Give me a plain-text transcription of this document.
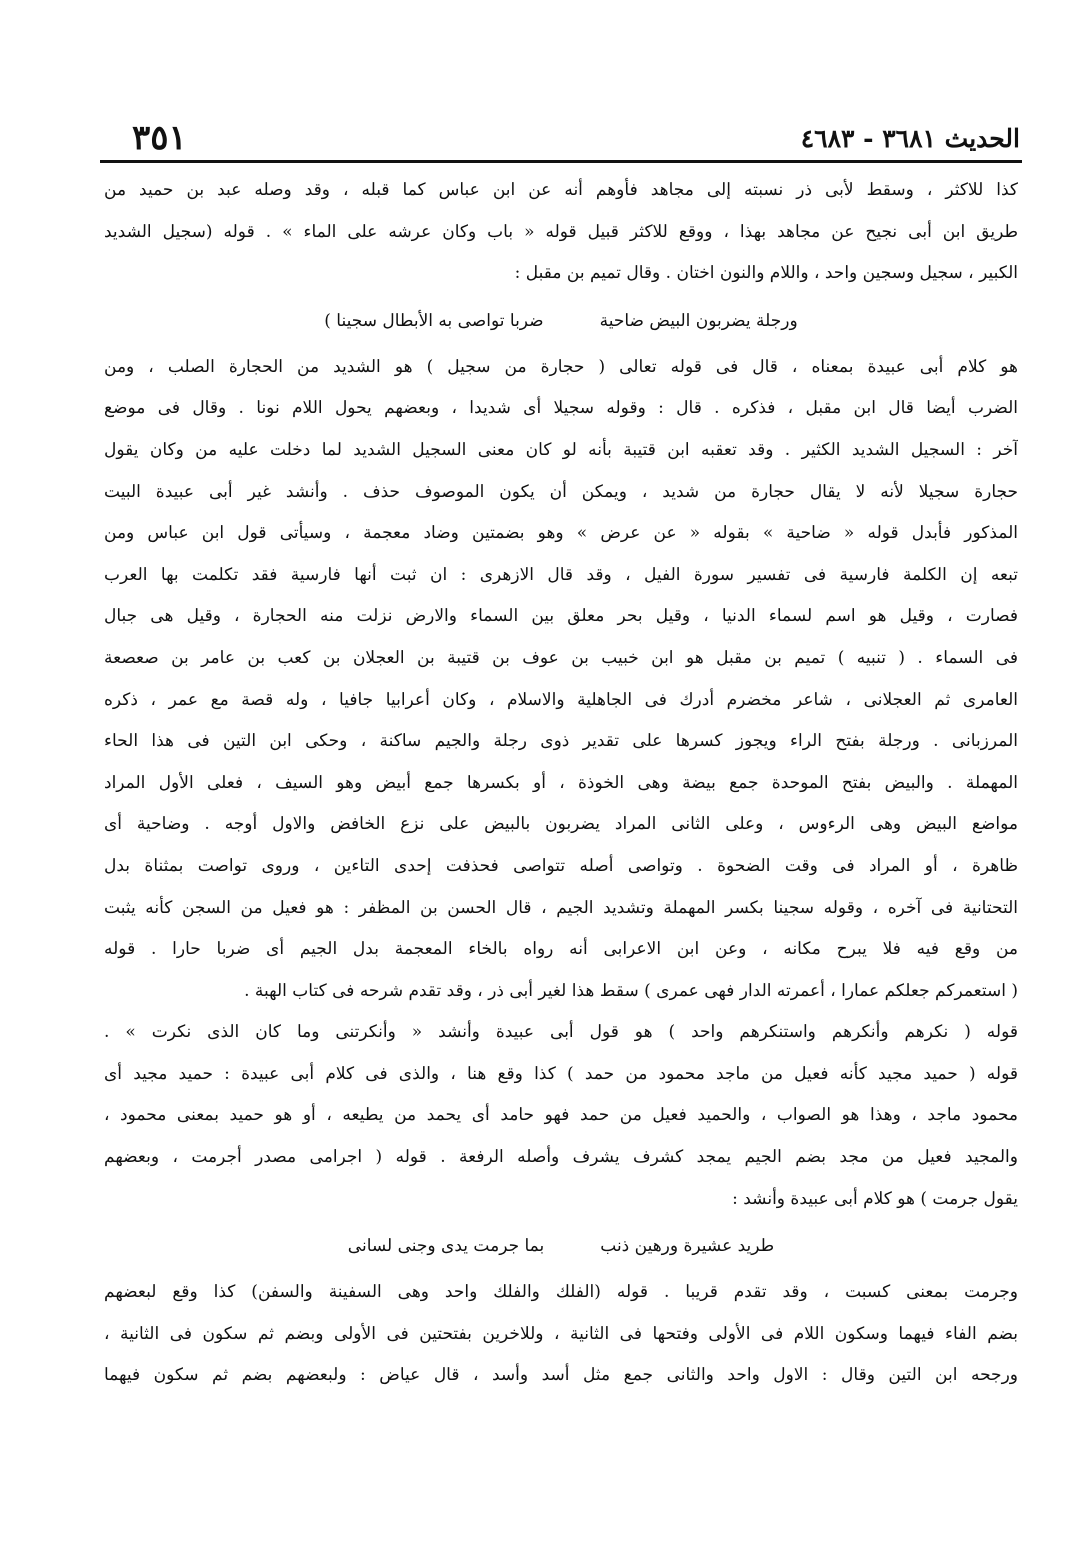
الحديث ٣٦٨١ - ٤٦٨٣
٣٥١
كذا للاكثر ، وسقط لأبى ذر نسبته إلى مجاهد فأوهم أنه عن ابن عباس كما قبله ، وقد وصله عبد بن حميد من
طريق ابن أبى نجيح عن مجاهد بهذا ، ووقع للاكثر قبيل قوله « باب وكان عرشه على الماء » . قوله (سجيل الشديد
الكبير ، سجيل وسجين واحد ، واللام والنون اختان . وقال تميم بن مقبل :
ورجلة يضربون البيض ضاحيةضربا تواصى به الأبطال سجينا )
هو كلام أبى عبيدة بمعناه ، قال فى قوله تعالى ( حجارة من سجيل ) هو الشديد من الحجارة الصلب ، ومن
الضرب أيضا قال ابن مقبل ، فذكره . قال : وقوله سجيلا أى شديدا ، وبعضهم يحول اللام نونا . وقال فى موضع
آخر : السجيل الشديد الكثير . وقد تعقبه ابن قتيبة بأنه لو كان معنى السجيل الشديد لما دخلت عليه من وكان يقول
حجارة سجيلا لأنه لا يقال حجارة من شديد ، ويمكن أن يكون الموصوف حذف . وأنشد غير أبى عبيدة البيت
المذكور فأبدل قوله « ضاحية » بقوله « عن عرض » وهو بضمتين وضاد معجمة ، وسيأتى قول ابن عباس ومن
تبعه إن الكلمة فارسية فى تفسير سورة الفيل ، وقد قال الازهرى : ان ثبت أنها فارسية فقد تكلمت بها العرب
فصارت ، وقيل هو اسم لسماء الدنيا ، وقيل بحر معلق بين السماء والارض نزلت منه الحجارة ، وقيل هى جبال
فى السماء . ( تنبيه ) تميم بن مقبل هو ابن خبيب بن عوف بن قتيبة بن العجلان بن كعب بن عامر بن صعصعة
العامرى ثم العجلانى ، شاعر مخضرم أدرك فى الجاهلية والاسلام ، وكان أعرابيا جافيا ، وله قصة مع عمر ، ذكره
المرزبانى . ورجلة بفتح الراء ويجوز كسرها على تقدير ذوى رجلة والجيم ساكنة ، وحكى ابن التين فى هذا الحاء
المهملة . والبيض بفتح الموحدة جمع بيضة وهى الخوذة ، أو بكسرها جمع أبيض وهو السيف ، فعلى الأول المراد
مواضع البيض وهى الرءوس ، وعلى الثانى المراد يضربون بالبيض على نزع الخافض والاول أوجه . وضاحية أى
ظاهرة ، أو المراد فى وقت الضحوة . وتواصى أصله تتواصى فحذفت إحدى التاءين ، وروى تواصت بمثناة بدل
التحتانية فى آخره ، وقوله سجينا بكسر المهملة وتشديد الجيم ، قال الحسن بن المظفر : هو فعيل من السجن كأنه يثبت
من وقع فيه فلا يبرح مكانه ، وعن ابن الاعرابى أنه رواه بالخاء المعجمة بدل الجيم أى ضربا حارا . قوله
( استعمركم جعلكم عمارا ، أعمرته الدار فهى عمرى ) سقط هذا لغير أبى ذر ، وقد تقدم شرحه فى كتاب الهبة .
قوله ( نكرهم وأنكرهم واستنكرهم واحد ) هو قول أبى عبيدة وأنشد « وأنكرتنى وما كان الذى نكرت » .
قوله ( حميد مجيد كأنه فعيل من ماجد محمود من حمد ) كذا وقع هنا ، والذى فى كلام أبى عبيدة : حميد مجيد أى
محمود ماجد ، وهذا هو الصواب ، والحميد فعيل من حمد فهو حامد أى يحمد من يطيعه ، أو هو حميد بمعنى محمود ،
والمجيد فعيل من مجد بضم الجيم يمجد كشرف يشرف وأصله الرفعة . قوله ( اجرامى مصدر أجرمت ، وبعضهم
يقول جرمت ) هو كلام أبى عبيدة وأنشد :
طريد عشيرة ورهين ذنببما جرمت يدى وجنى لسانى
وجرمت بمعنى كسبت ، وقد تقدم قريبا . قوله (الفلك والفلك واحد وهى السفينة والسفن) كذا وقع لبعضهم
بضم الفاء فيهما وسكون اللام فى الأولى وفتحها فى الثانية ، وللاخرين بفتحتين فى الأولى وبضم ثم سكون فى الثانية ،
ورجحه ابن التين وقال : الاول واحد والثانى جمع مثل أسد وأسد ، قال عياض : ولبعضهم بضم ثم سكون فيهما
